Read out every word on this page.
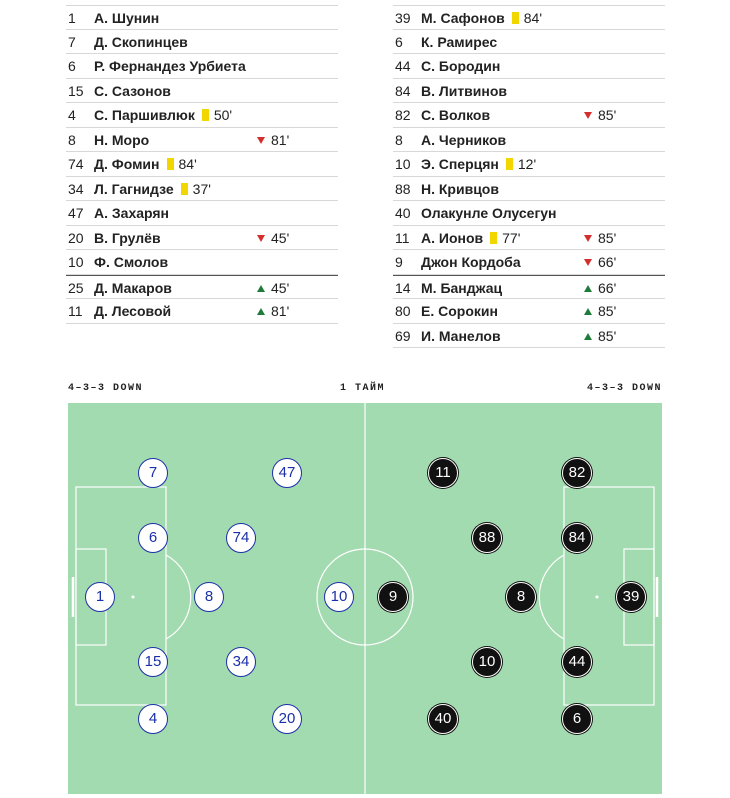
1 А. Шунин
7 Д. Скопинцев
6 Р. Фернандез Урбиета
15 С. Сазонов
4 С. Паршивлюк 50'
8 Н. Моро	81'
74 Д. Фомин 84'
34 Л. Гагнидзе 37'
47 А. Захарян
20 В. Грулёв	45'
10 Ф. Смолов
25 Д. Макаров	45'
11 Д. Лесовой	81'
39 М. Сафонов 84'
6 К. Рамирес
44 С. Бородин
84 В. Литвинов
82 С. Волков	85'
8 А. Черников
10 Э. Сперцян 12'
88 Н. Кривцов
40 Олакунле Олусегун
11 А. Ионов 77'	85'
9 Джон Кордоба	66'
14 М. Банджац	66'
80 Е. Сорокин	85'
69 И. Манелов	85'
4–3–3 DOWN	1 ТАЙМ	4–3–3 DOWN
7	47
6	74
1	8	10
15	34
4	20
11	82
88	84
9	8	39
10	44
40	6
